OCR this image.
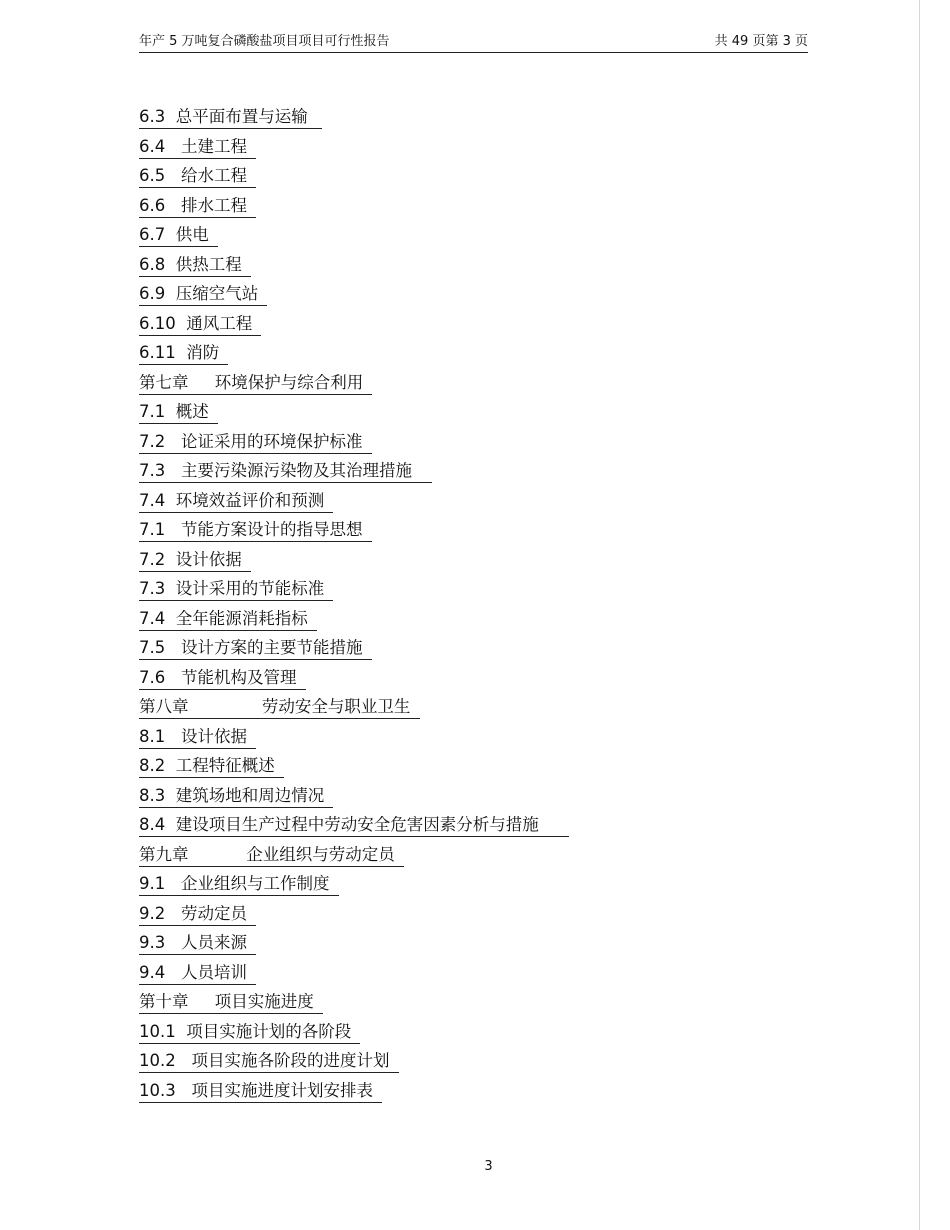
年产 5 万吨复合磷酸盐项目项目可行性报告	共 49 页第 3 页
6.3  总平面布置与运输
6.4   土建工程
6.5   给水工程
6.6   排水工程
6.7  供电
6.8  供热工程
6.9  压缩空气站
6.10  通风工程
6.11  消防
第七章     环境保护与综合利用
7.1  概述
7.2   论证采用的环境保护标准
7.3   主要污染源污染物及其治理措施
7.4  环境效益评价和预测
7.1   节能方案设计的指导思想
7.2  设计依据
7.3  设计采用的节能标准
7.4  全年能源消耗指标
7.5   设计方案的主要节能措施
7.6   节能机构及管理
第八章              劳动安全与职业卫生
8.1   设计依据
8.2  工程特征概述
8.3  建筑场地和周边情况
8.4  建设项目生产过程中劳动安全危害因素分析与措施
第九章           企业组织与劳动定员
9.1   企业组织与工作制度
9.2   劳动定员
9.3   人员来源
9.4   人员培训
第十章     项目实施进度
10.1  项目实施计划的各阶段
10.2   项目实施各阶段的进度计划
10.3   项目实施进度计划安排表
3
